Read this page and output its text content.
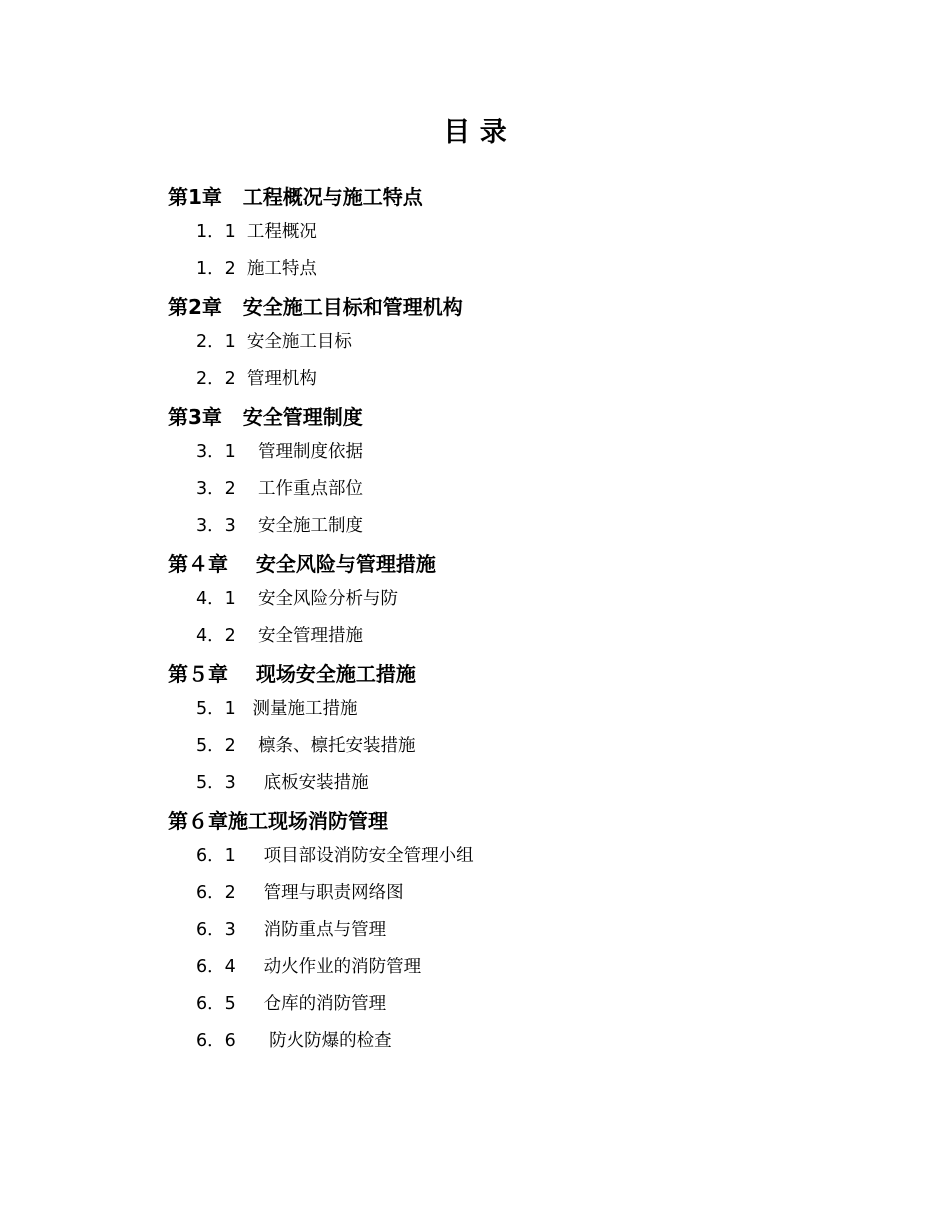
目 录
第1章   工程概况与施工特点
1．1  工程概况
1．2  施工特点
第2章   安全施工目标和管理机构
2．1  安全施工目标
2．2  管理机构
第3章   安全管理制度
3．1    管理制度依据
3．2    工作重点部位
3．3    安全施工制度
第４章    安全风险与管理措施
4．1    安全风险分析与防
4．2    安全管理措施
第５章    现场安全施工措施
5．1   测量施工措施
5．2    檩条、檩托安装措施
5．3     底板安装措施
第６章施工现场消防管理
6．1     项目部设消防安全管理小组
6．2     管理与职责网络图
6．3     消防重点与管理
6．4     动火作业的消防管理
6．5     仓库的消防管理
6．6      防火防爆的检查
